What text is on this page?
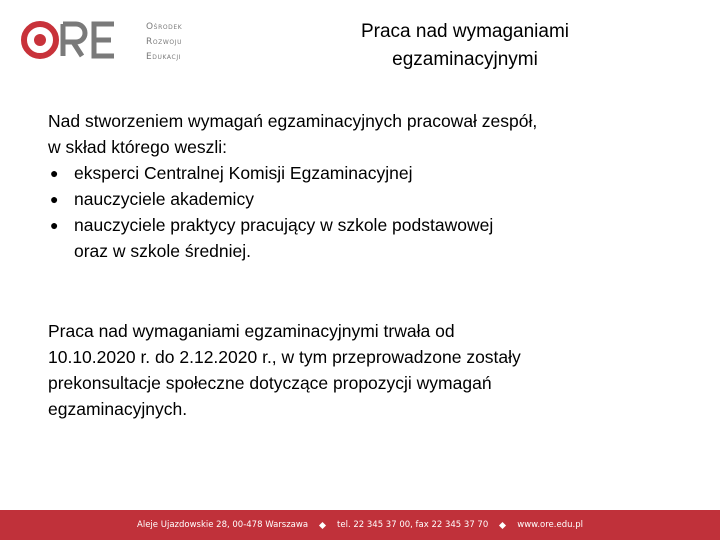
Ośrodek
Rozwoju
Edukacji
Praca nad wymaganiami
egzaminacyjnymi

Nad stworzeniem wymagań egzaminacyjnych pracował zespół,

w skład którego weszli:

● eksperci Centralnej Komisji Egzaminacyjnej
● nauczyciele akademicy
● nauczyciele praktycy pracujący w szkole podstawowej
oraz w szkole średniej.

Praca nad wymaganiami egzaminacyjnymi trwała od

10.10.2020 r. do 2.12.2020 r., w tym przeprowadzone zostały

prekonsultacje społeczne dotyczące propozycji wymagań

egzaminacyjnych.

Aleje Ujazdowskie 28, 00-478 Warszawa	tel. 22 345 37 00, fax 22 345 37 70	www.ore.edu.pl
